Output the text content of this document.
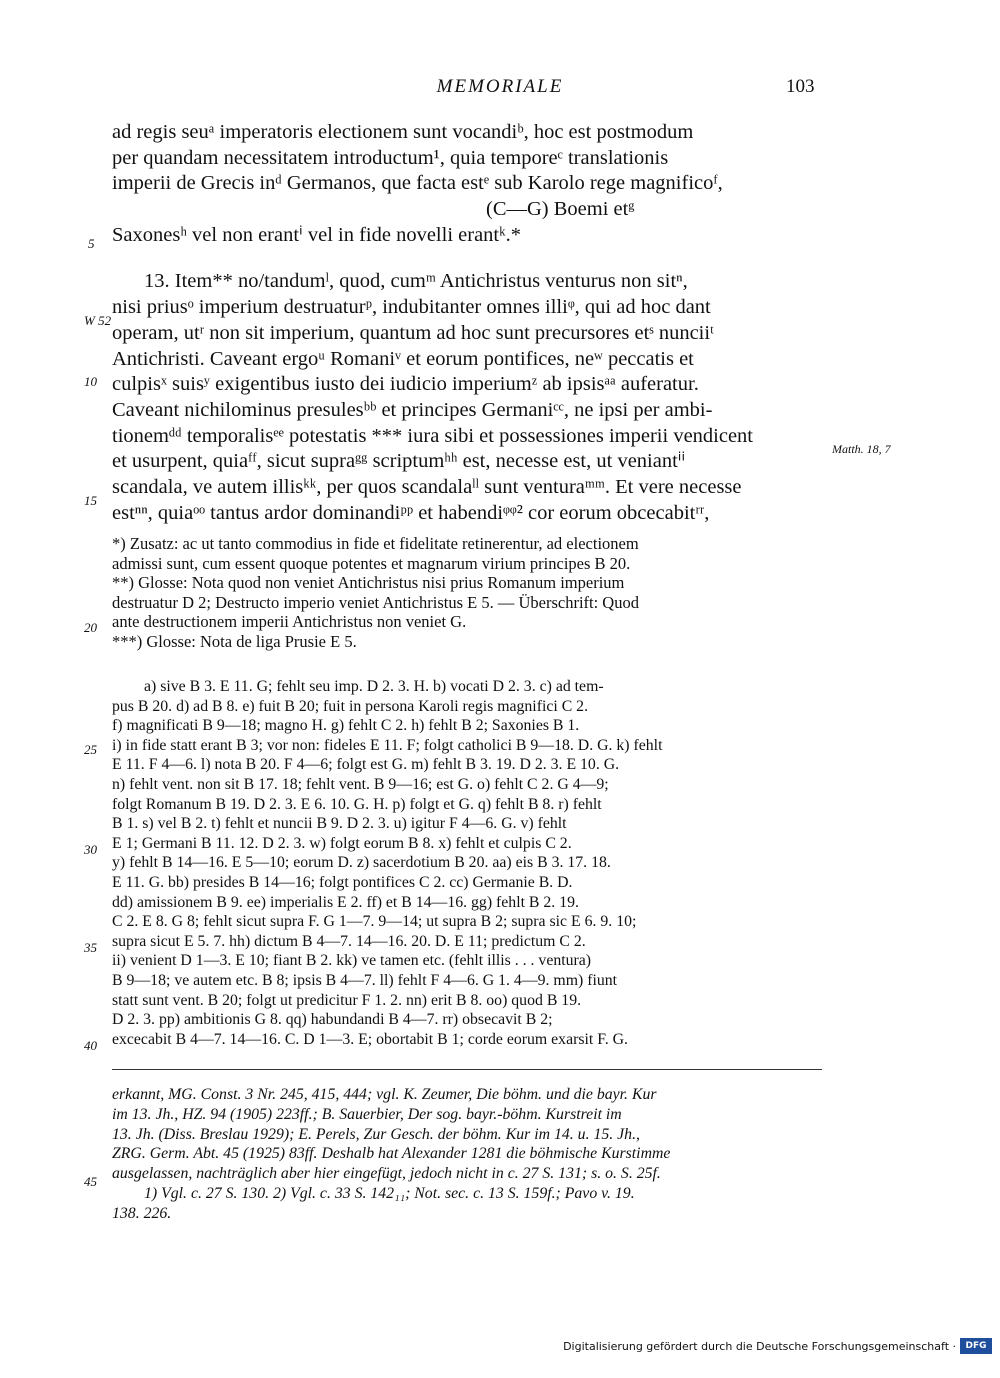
MEMORIALE	103
5
W 52
10
15
20
25
30
35
40
45
Matth. 18, 7
ad regis seuᵃ imperatoris electionem sunt vocandiᵇ, hoc est postmodum
per quandam necessitatem introductum¹, quia temporeᶜ translationis
imperii de Grecis inᵈ Germanos, que facta estᵉ sub Karolo rege magnificoᶠ,
(C—G) Boemi etᵍ
Saxonesʰ vel non erantⁱ vel in fide novelli erantᵏ.*
13. Item** no/tandumˡ, quod, cumᵐ Antichristus venturus non sitⁿ,
nisi priusᵒ imperium destruaturᵖ, indubitanter omnes illiᵠ, qui ad hoc dant
operam, utʳ non sit imperium, quantum ad hoc sunt precursores etˢ nunciiᵗ
Antichristi. Caveant ergoᵘ Romaniᵛ et eorum pontifices, neʷ peccatis et
culpisˣ suisʸ exigentibus iusto dei iudicio imperiumᶻ ab ipsisᵃᵃ auferatur.
Caveant nichilominus presulesᵇᵇ et principes Germaniᶜᶜ, ne ipsi per ambi-
tionemᵈᵈ temporalisᵉᵉ potestatis *** iura sibi et possessiones imperii vendicent
et usurpent, quiaᶠᶠ, sicut supraᵍᵍ scriptumʰʰ est, necesse est, ut veniantⁱⁱ
scandala, ve autem illisᵏᵏ, per quos scandalaˡˡ sunt venturaᵐᵐ. Et vere necesse
estⁿⁿ, quiaᵒᵒ tantus ardor dominandiᵖᵖ et habendiᵠᵠ² cor eorum obcecabitʳʳ,
*) Zusatz: ac ut tanto commodius in fide et fidelitate retinerentur, ad electionem
admissi sunt, cum essent quoque potentes et magnarum virium principes B 20.
**) Glosse: Nota quod non veniet Antichristus nisi prius Romanum imperium
destruatur D 2; Destructo imperio veniet Antichristus E 5. — Überschrift: Quod
ante destructionem imperii Antichristus non veniet G.
***) Glosse: Nota de liga Prusie E 5.
a) sive B 3. E 11. G; fehlt seu imp. D 2. 3. H. b) vocati D 2. 3. c) ad tem-
pus B 20. d) ad B 8. e) fuit B 20; fuit in persona Karoli regis magnifici C 2.
f) magnificati B 9—18; magno H. g) fehlt C 2. h) fehlt B 2; Saxonies B 1.
i) in fide statt erant B 3; vor non: fideles E 11. F; folgt catholici B 9—18. D. G. k) fehlt
E 11. F 4—6. l) nota B 20. F 4—6; folgt est G. m) fehlt B 3. 19. D 2. 3. E 10. G.
n) fehlt vent. non sit B 17. 18; fehlt vent. B 9—16; est G. o) fehlt C 2. G 4—9;
folgt Romanum B 19. D 2. 3. E 6. 10. G. H. p) folgt et G. q) fehlt B 8. r) fehlt
B 1. s) vel B 2. t) fehlt et nuncii B 9. D 2. 3. u) igitur F 4—6. G. v) fehlt
E 1; Germani B 11. 12. D 2. 3. w) folgt eorum B 8. x) fehlt et culpis C 2.
y) fehlt B 14—16. E 5—10; eorum D. z) sacerdotium B 20. aa) eis B 3. 17. 18.
E 11. G. bb) presides B 14—16; folgt pontifices C 2. cc) Germanie B. D.
dd) amissionem B 9. ee) imperialis E 2. ff) et B 14—16. gg) fehlt B 2. 19.
C 2. E 8. G 8; fehlt sicut supra F. G 1—7. 9—14; ut supra B 2; supra sic E 6. 9. 10;
supra sicut E 5. 7. hh) dictum B 4—7. 14—16. 20. D. E 11; predictum C 2.
ii) venient D 1—3. E 10; fiant B 2. kk) ve tamen etc. (fehlt illis . . . ventura)
B 9—18; ve autem etc. B 8; ipsis B 4—7. ll) fehlt F 4—6. G 1. 4—9. mm) fiunt
statt sunt vent. B 20; folgt ut predicitur F 1. 2. nn) erit B 8. oo) quod B 19.
D 2. 3. pp) ambitionis G 8. qq) habundandi B 4—7. rr) obsecavit B 2;
excecabit B 4—7. 14—16. C. D 1—3. E; obortabit B 1; corde eorum exarsit F. G.
erkannt, MG. Const. 3 Nr. 245, 415, 444; vgl. K. Zeumer, Die böhm. und die bayr. Kur
im 13. Jh., HZ. 94 (1905) 223ff.; B. Sauerbier, Der sog. bayr.-böhm. Kurstreit im
13. Jh. (Diss. Breslau 1929); E. Perels, Zur Gesch. der böhm. Kur im 14. u. 15. Jh.,
ZRG. Germ. Abt. 45 (1925) 83ff. Deshalb hat Alexander 1281 die böhmische Kurstimme
ausgelassen, nachträglich aber hier eingefügt, jedoch nicht in c. 27 S. 131; s. o. S. 25f.
1) Vgl. c. 27 S. 130. 2) Vgl. c. 33 S. 142₁₁; Not. sec. c. 13 S. 159f.; Pavo v. 19.
138. 226.
Digitalisierung gefördert durch die Deutsche Forschungsgemeinschaft ·	DFG
